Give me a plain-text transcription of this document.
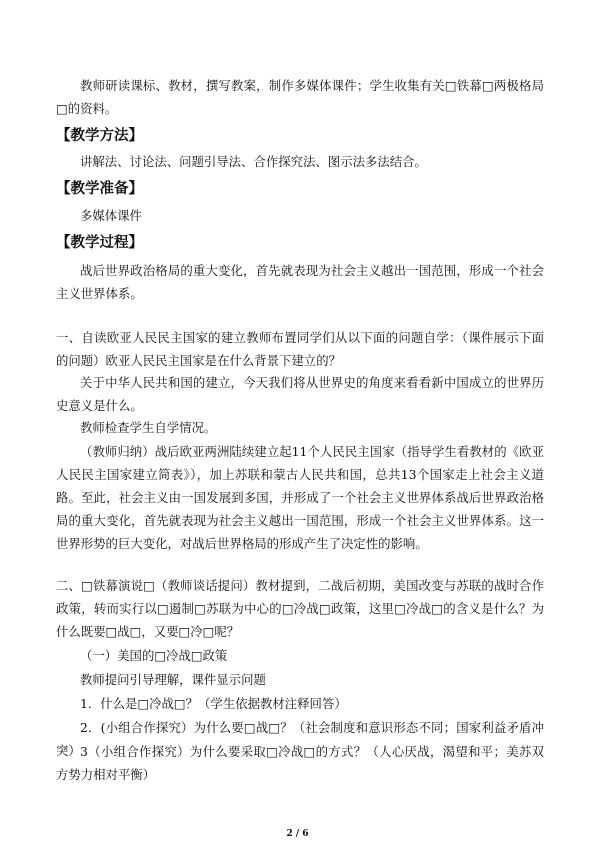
教师研读课标、教材，撰写教案，制作多媒体课件；学生收集有关□铁幕□两极格局□的资料。

【教学方法】

讲解法、讨论法、问题引导法、合作探究法、图示法多法结合。

【教学准备】

多媒体课件

【教学过程】

战后世界政治格局的重大变化，首先就表现为社会主义越出一国范围，形成一个社会主义世界体系。

一、自读欧亚人民民主国家的建立教师布置同学们从以下面的问题自学：（课件展示下面的问题）欧亚人民民主国家是在什么背景下建立的？

关于中华人民共和国的建立，今天我们将从世界史的角度来看看新中国成立的世界历史意义是什么。

教师检查学生自学情况。

（教师归纳）战后欧亚两洲陆续建立起11个人民民主国家（指导学生看教材的《欧亚人民民主国家建立简表》），加上苏联和蒙古人民共和国，总共13个国家走上社会主义道路。至此，社会主义由一国发展到多国，并形成了一个社会主义世界体系战后世界政治格局的重大变化，首先就表现为社会主义越出一国范围，形成一个社会主义世界体系。这一世界形势的巨大变化，对战后世界格局的形成产生了决定性的影响。

二、□铁幕演说□（教师谈话提问）教材提到，二战后初期，美国改变与苏联的战时合作政策，转而实行以□遏制□苏联为中心的□冷战□政策，这里□冷战□的含义是什么？为什么既要□战□，又要□冷□呢？

（一）美国的□冷战□政策

教师提问引导理解，课件显示问题

1．什么是□冷战□？（学生依据教材注释回答）

2．(小组合作探究）为什么要□战□？（社会制度和意识形态不同；国家利益矛盾冲突） 3（小组合作探究）为什么要采取□冷战□的方式？（人心厌战，渴望和平；美苏双方势力相对平衡）

2 / 6
